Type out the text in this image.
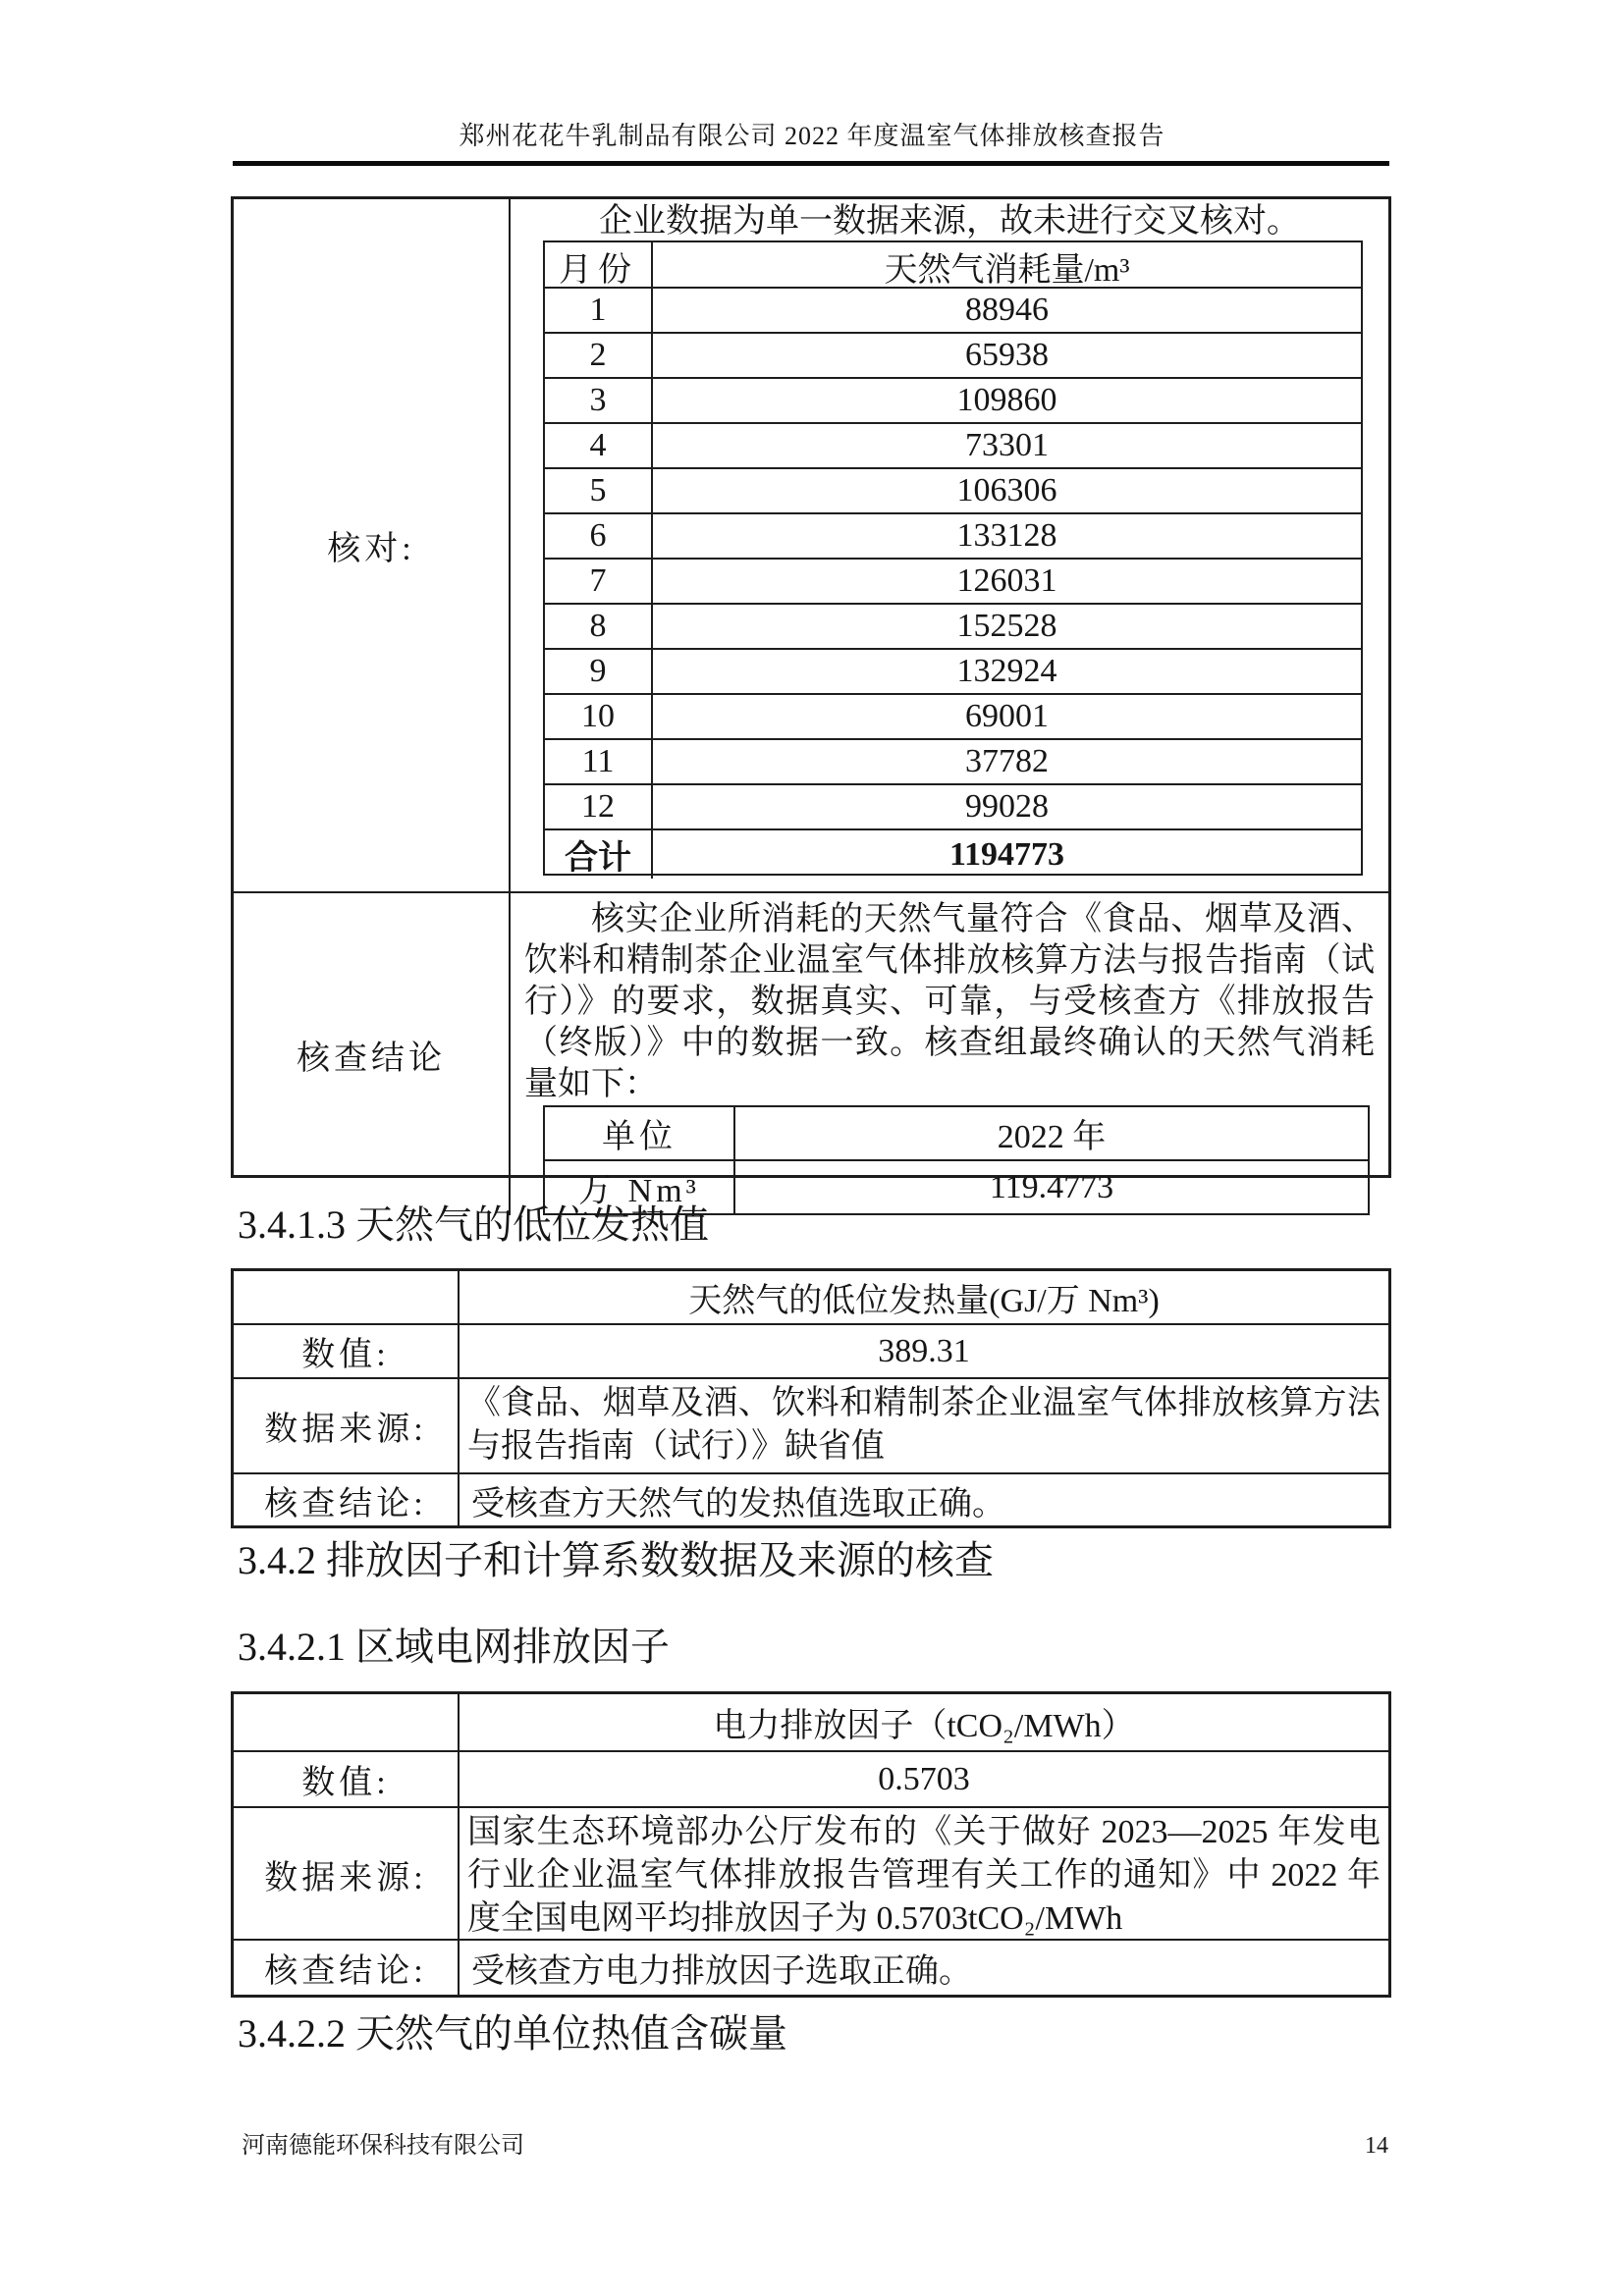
郑州花花牛乳制品有限公司 2022 年度温室气体排放核查报告
核对:
企业数据为单一数据来源，故未进行交叉核对。
月份	天然气消耗量/m³
1	88946
2	65938
3	109860
4	73301
5	106306
6	133128
7	126031
8	152528
9	132924
10	69001
11	37782
12	99028
合计	1194773
核查结论
核实企业所消耗的天然气量符合《食品、烟草及酒、饮料和精制茶企业温室气体排放核算方法与报告指南（试行）》的要求，数据真实、可靠，与受核查方《排放报告（终版）》中的数据一致。核查组最终确认的天然气消耗量如下：
单位	2022 年
万 Nm³	119.4773
3.4.1.3 天然气的低位发热值
天然气的低位发热量(GJ/万 Nm³)
数值:	389.31
数据来源:
《食品、烟草及酒、饮料和精制茶企业温室气体排放核算方法与报告指南（试行）》缺省值
核查结论:	受核查方天然气的发热值选取正确。
3.4.2 排放因子和计算系数数据及来源的核查
3.4.2.1 区域电网排放因子
电力排放因子（tCO₂/MWh）
数值:	0.5703
数据来源:
国家生态环境部办公厅发布的《关于做好 2023—2025 年发电行业企业温室气体排放报告管理有关工作的通知》中 2022 年度全国电网平均排放因子为 0.5703tCO₂/MWh
核查结论:	受核查方电力排放因子选取正确。
3.4.2.2 天然气的单位热值含碳量
河南德能环保科技有限公司	14
